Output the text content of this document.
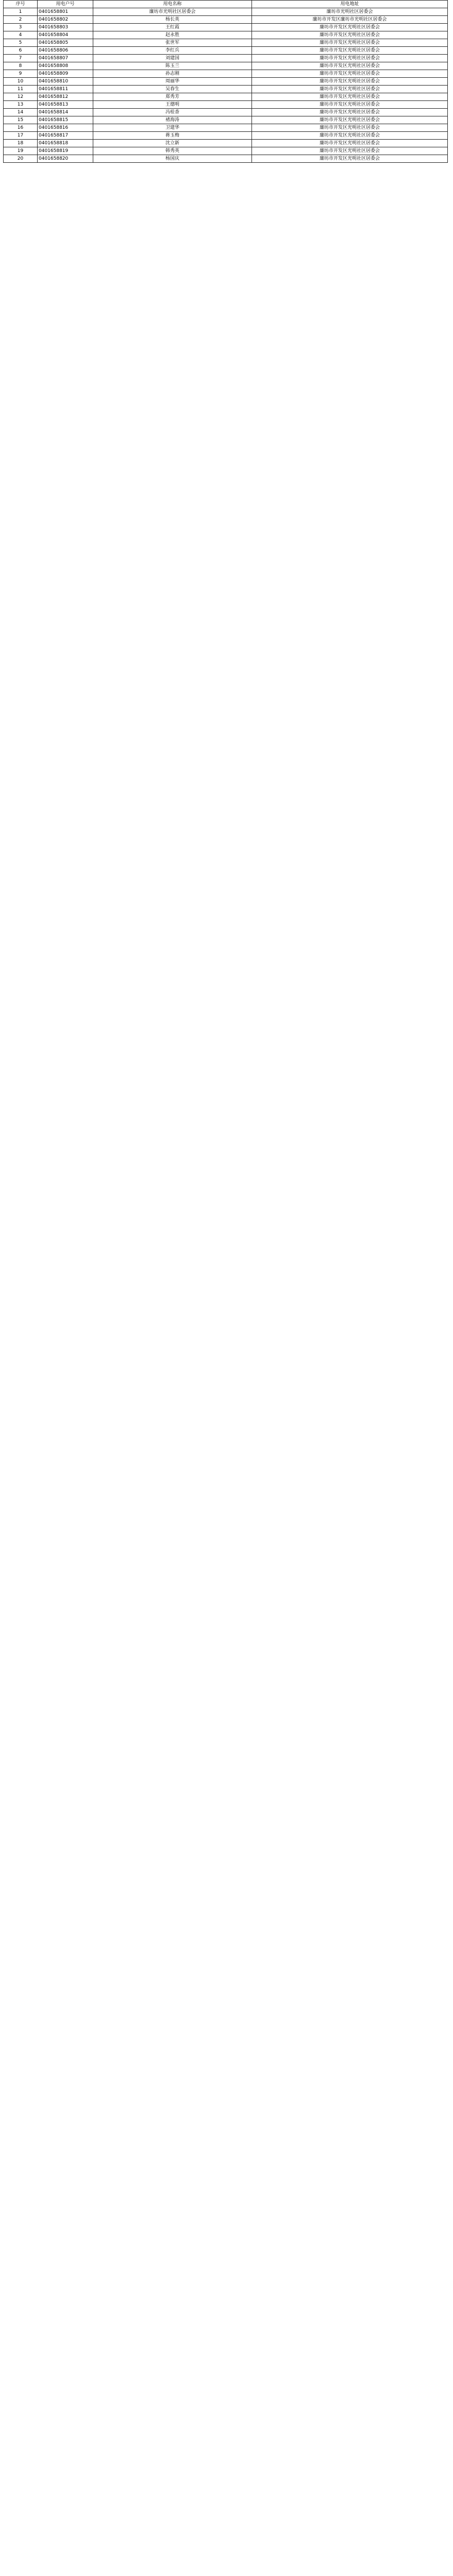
序号	用电户号	用电名称	用电地址
1	0401658801	廉坊市光明社区居委会	廉坊市光明社区居委会
2	0401658802	杨长英	廉坊市开发区廉坊市光明社区居委会
3	0401658803	王红霞	廉坊市开发区光明社区居委会
4	0401658804	赵永胜	廉坊市开发区光明社区居委会
5	0401658805	张世军	廉坊市开发区光明社区居委会
6	0401658806	李红兵	廉坊市开发区光明社区居委会
7	0401658807	刘建国	廉坊市开发区光明社区居委会
8	0401658808	陈玉兰	廉坊市开发区光明社区居委会
9	0401658809	孙志刚	廉坊市开发区光明社区居委会
10	0401658810	周丽华	廉坊市开发区光明社区居委会
11	0401658811	吴春生	廉坊市开发区光明社区居委会
12	0401658812	郑秀芳	廉坊市开发区光明社区居委会
13	0401658813	王德明	廉坊市开发区光明社区居委会
14	0401658814	冯桂香	廉坊市开发区光明社区居委会
15	0401658815	褚海涛	廉坊市开发区光明社区居委会
16	0401658816	卫建华	廉坊市开发区光明社区居委会
17	0401658817	蒋玉梅	廉坊市开发区光明社区居委会
18	0401658818	沈立新	廉坊市开发区光明社区居委会
19	0401658819	韩秀英	廉坊市开发区光明社区居委会
20	0401658820	杨国庆	廉坊市开发区光明社区居委会
